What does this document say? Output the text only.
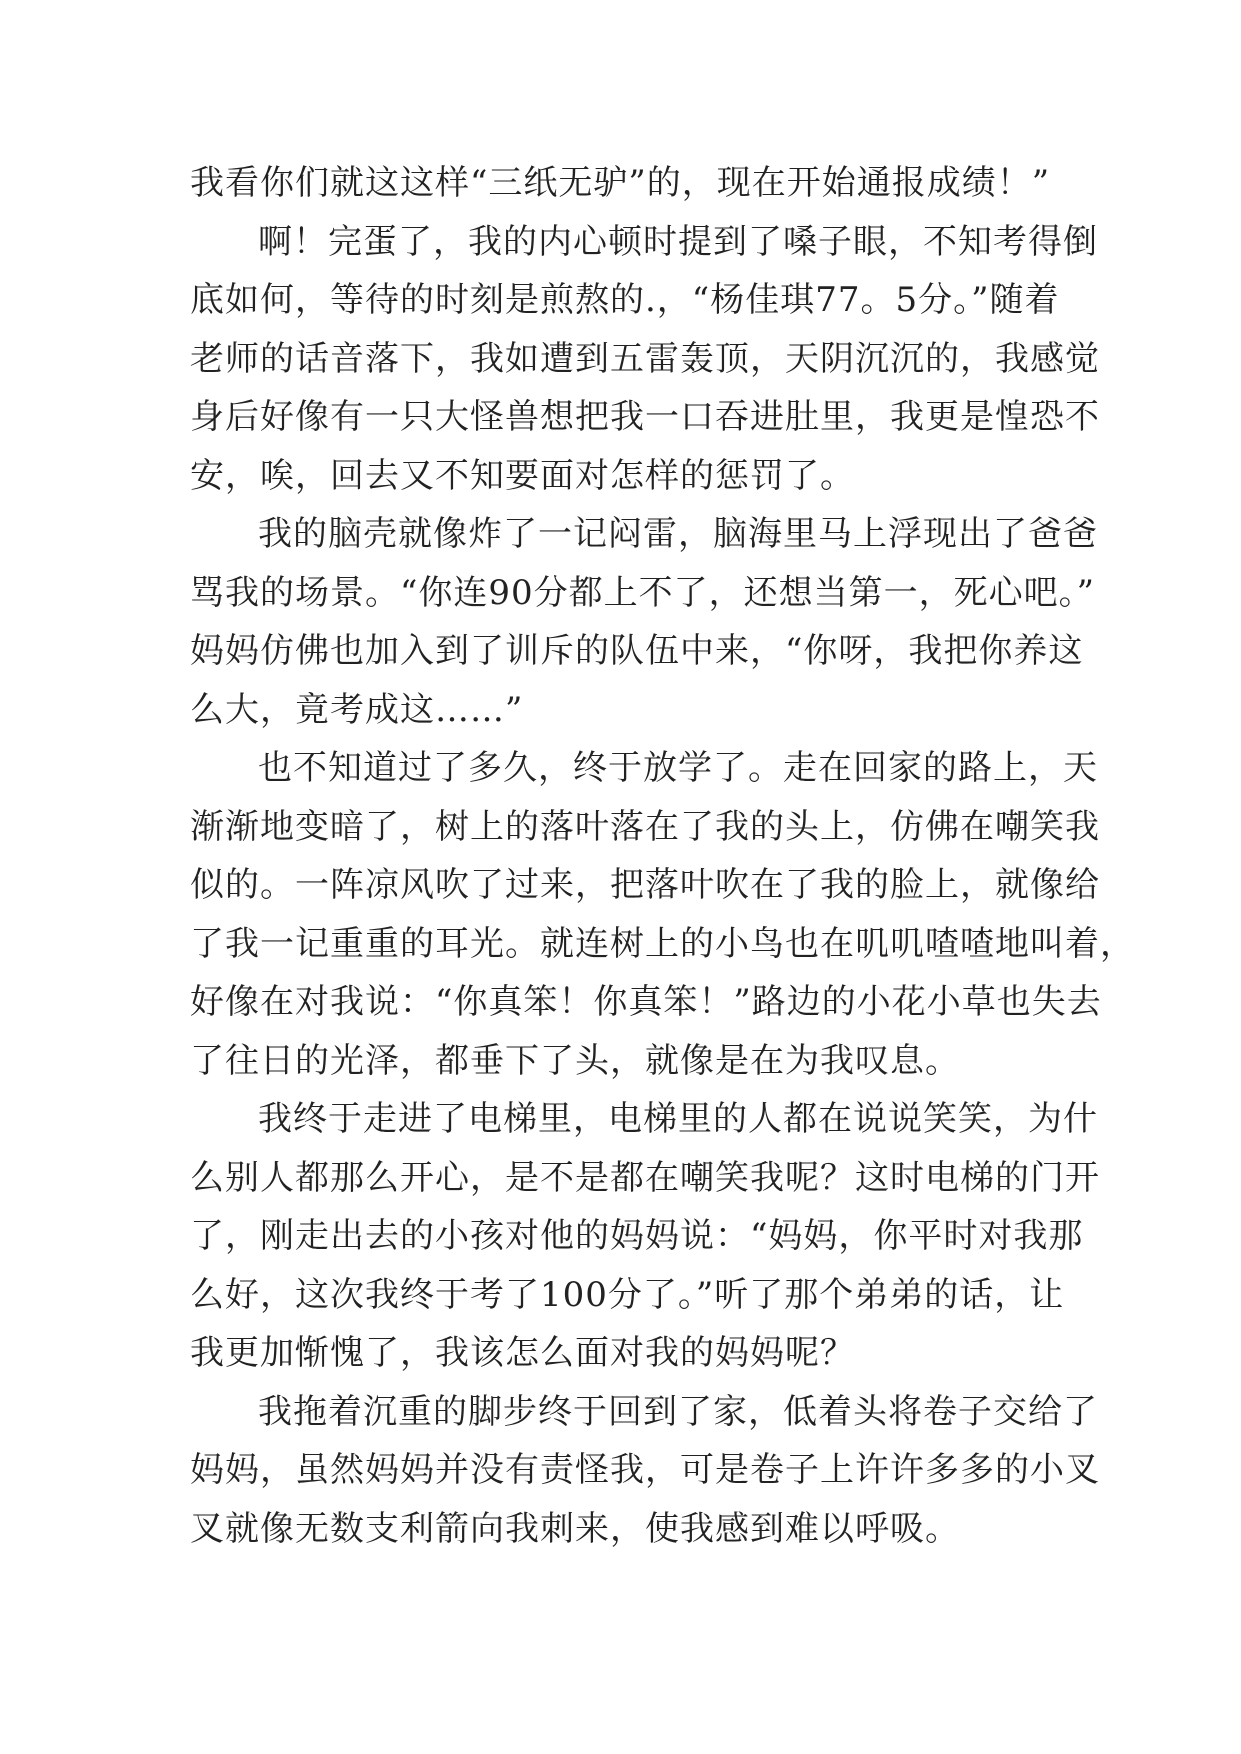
我看你们就这这样“三纸无驴”的，现在开始通报成绩！”
啊！完蛋了，我的内心顿时提到了嗓子眼，不知考得倒
底如何，等待的时刻是煎熬的.，“杨佳琪77。5分。”随着
老师的话音落下，我如遭到五雷轰顶，天阴沉沉的，我感觉
身后好像有一只大怪兽想把我一口吞进肚里，我更是惶恐不
安，唉，回去又不知要面对怎样的惩罚了。
我的脑壳就像炸了一记闷雷，脑海里马上浮现出了爸爸
骂我的场景。“你连90分都上不了，还想当第一，死心吧。”
妈妈仿佛也加入到了训斥的队伍中来，“你呀，我把你养这
么大，竟考成这……”
也不知道过了多久，终于放学了。走在回家的路上，天
渐渐地变暗了，树上的落叶落在了我的头上，仿佛在嘲笑我
似的。一阵凉风吹了过来，把落叶吹在了我的脸上，就像给
了我一记重重的耳光。就连树上的小鸟也在叽叽喳喳地叫着，
好像在对我说：“你真笨！你真笨！”路边的小花小草也失去
了往日的光泽，都垂下了头，就像是在为我叹息。
我终于走进了电梯里，电梯里的人都在说说笑笑，为什
么别人都那么开心，是不是都在嘲笑我呢？这时电梯的门开
了，刚走出去的小孩对他的妈妈说：“妈妈，你平时对我那
么好，这次我终于考了100分了。”听了那个弟弟的话，让
我更加惭愧了，我该怎么面对我的妈妈呢？
我拖着沉重的脚步终于回到了家，低着头将卷子交给了
妈妈，虽然妈妈并没有责怪我，可是卷子上许许多多的小叉
叉就像无数支利箭向我刺来，使我感到难以呼吸。
